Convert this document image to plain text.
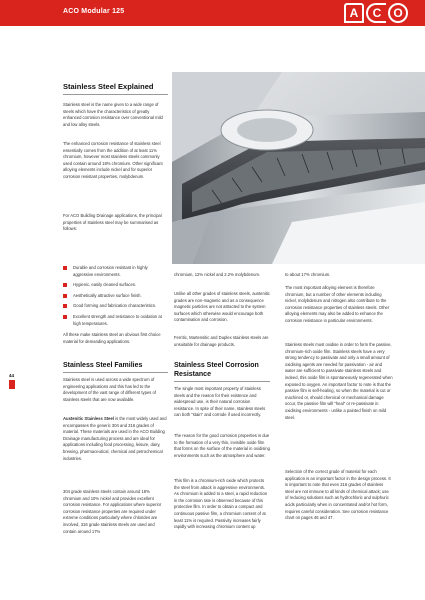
ACO Modular 125	A	C	O
Stainless Steel Explained
Stainless steel is the name given to a wide range of steels which have the characteristics of greatly enhanced corrosion resistance over conventional mild and low alloy steels.
The enhanced corrosion resistance of stainless steel essentially comes from the addition of at least 11% chromium, however most stainless steels commonly used contain around 18% chromium. Other significant alloying elements include nickel and for superior corrosion resistant properties, molybdenum.
For ACO Building Drainage applications, the principal properties of stainless steel may be summarised as follows:
Durable and corrosion resistant in highly aggressive environments.
Hygienic, easily cleaned surfaces.
Aesthetically attractive surface finish.
Good forming and fabrication characteristics.
Excellent strength and resistance to oxidation at high temperatures.
All these make stainless steel an obvious first choice material for demanding applications.
chromium, 12% nickel and 2.2% molybdenum.
Unlike all other grades of stainless steels, austenitic grades are non-magnetic and as a consequence magnetic particles are not attracted to the system surfaces which otherwise would encourage both contamination and corrosion.
Ferritic, Martensitic and Duplex stainless steels are unsuitable for drainage products.
to about 17% chromium.
The most important alloying element is therefore chromium, but a number of other elements including nickel, molybdenum and nitrogen also contribute to the corrosion resistance properties of stainless steels. Other alloying elements may also be added to enhance the corrosion resistance in particular environments.
Stainless steels must oxidise in order to form the passive, chromium-rich oxide film. Stainless steels have a very strong tendency to passivate and only a small amount of oxidising agents are needed for passivation - air and water are sufficient to passivate stainless steels and indeed, this oxide film is spontaneously regenerated when exposed to oxygen. An important factor to note is that the passive film is self-healing, so when the material is cut or machined or, should chemical or mechanical damage occur, the passive film will "heal" or re-passivate in oxidising environments - unlike a painted finish on mild steel.
Selection of the correct grade of material for each application is an important factor in the design process. It is important to note that even 316 grades of stainless steel are not immune to all kinds of chemical attack; use of reducing solutions such as hydrochloric and sulphuric acids particularly when in concentrated and/or hot form, requires careful consideration. See corrosion resistance chart on pages 46 and 47.
Stainless Steel Families
Stainless steel is used across a wide spectrum of engineering applications and this has led to the development of the vast range of different types of stainless steels that are now available.
Austenitic Stainless Steel is the most widely used and encompasses the generic 304 and 316 grades of material. These materials are used in the ACO Building Drainage manufacturing process and are ideal for applications including food processing, leisure, dairy, brewing, pharmaceutical, chemical and petrochemical industries.
304 grade stainless steels contain around 18% chromium and 10% nickel and provides excellent corrosion resistance. For applications where superior corrosion resistance properties are required under extreme conditions particularly where chlorides are involved, 316 grade stainless steels are used and contain around 17%
Stainless Steel Corrosion Resistance
The single most important property of stainless steels and the reason for their existence and widespread use, is their natural corrosion resistance. In spite of their name, stainless steels can both "stain" and corrode if used incorrectly.
The reason for the good corrosion properties is due to the formation of a very thin, invisible oxide film that forms on the surface of the material in oxidising environments such as the atmosphere and water.
This film is a chromium-rich oxide which protects the steel from attack in aggressive environments. As chromium is added to a steel, a rapid reduction in the corrosion rate is observed because of this protective film. In order to obtain a compact and continuous passive film, a chromium content of at least 11% is required. Passivity increases fairly rapidly with increasing chromium content up
44
